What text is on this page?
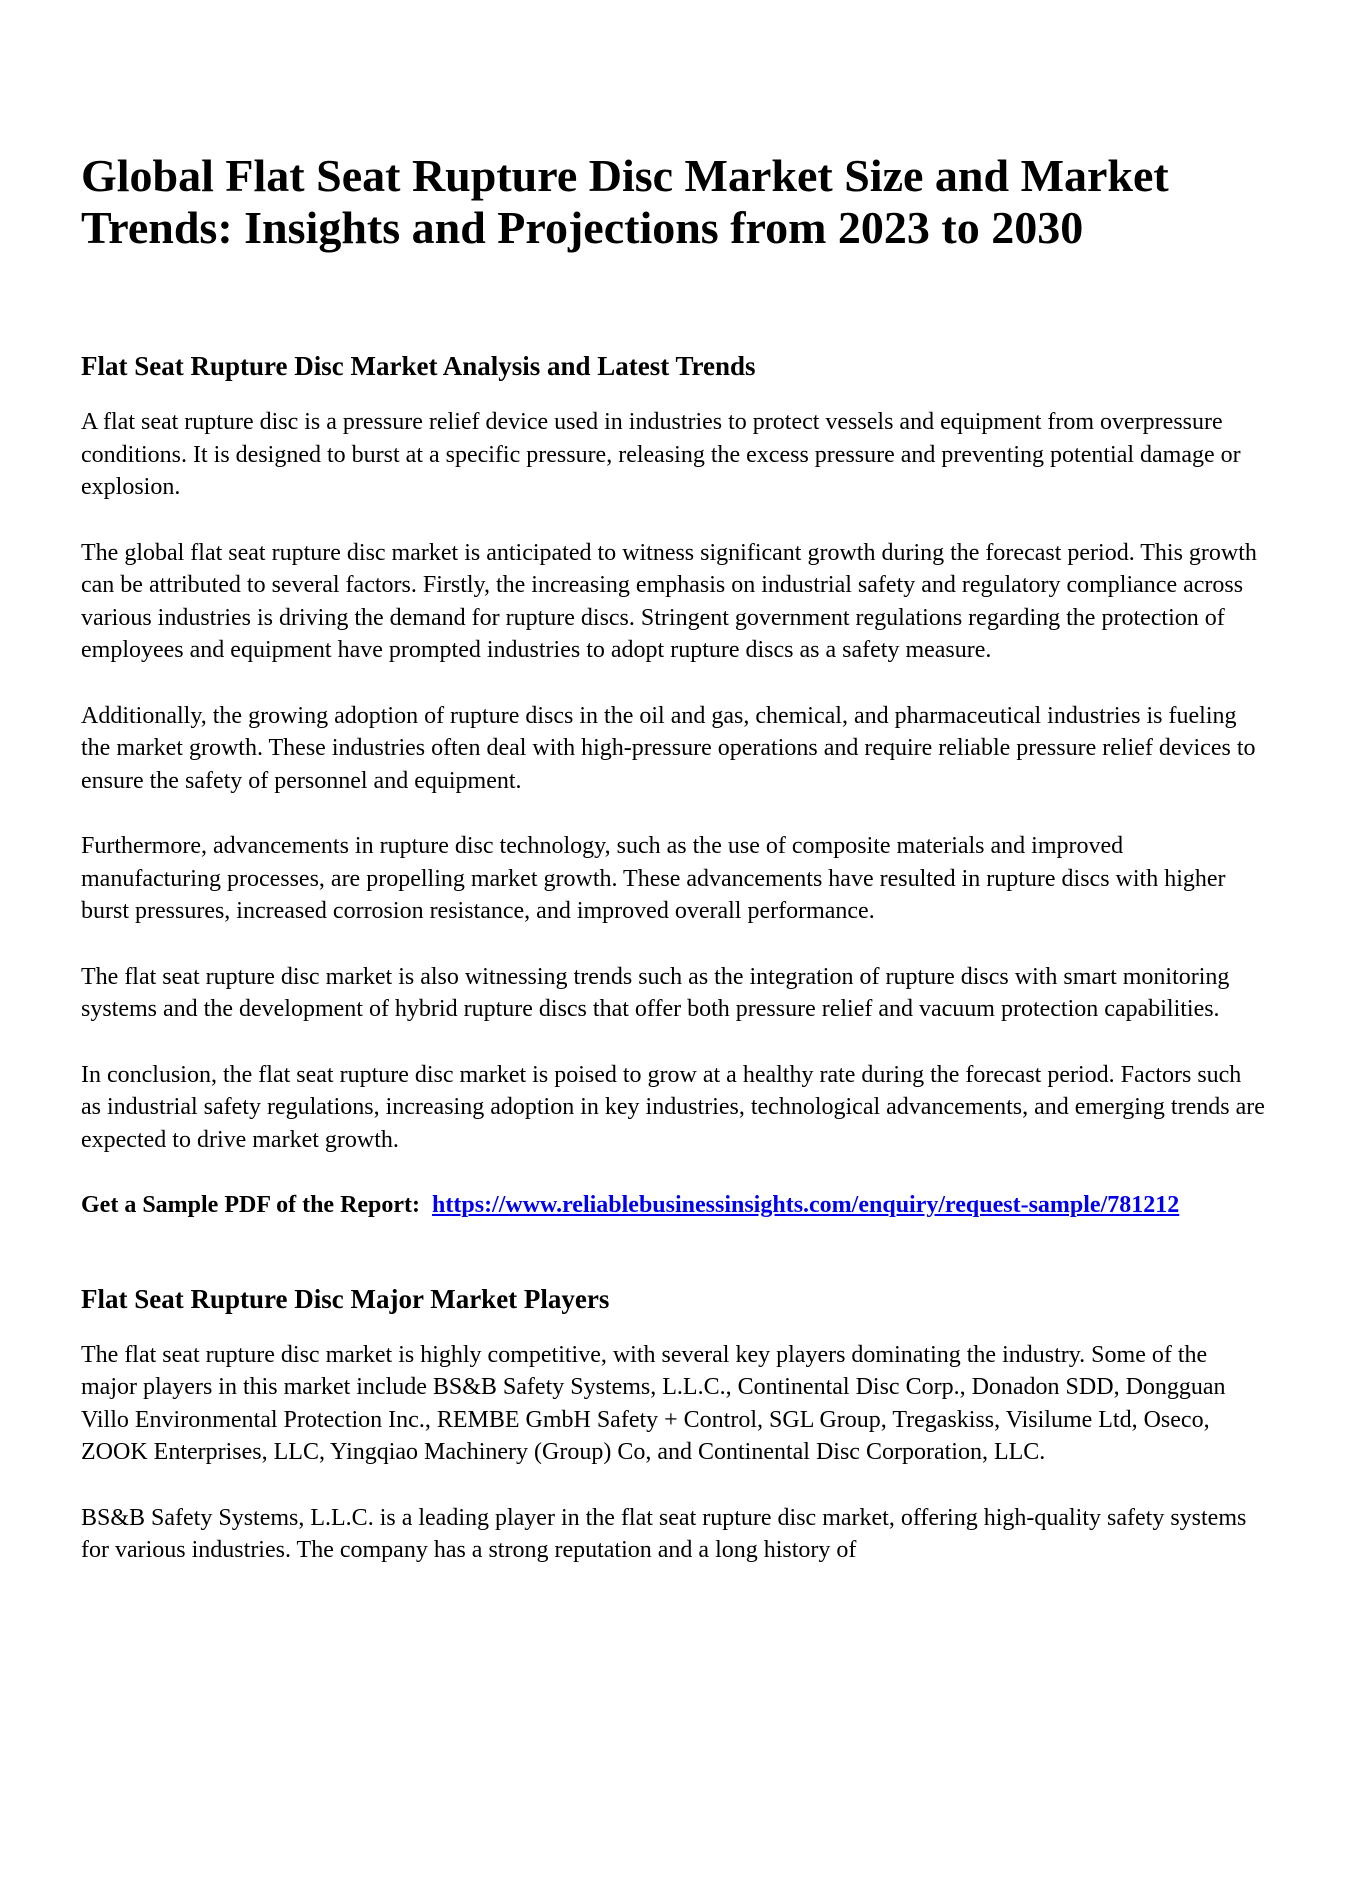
Global Flat Seat Rupture Disc Market Size and Market Trends: Insights and Projections from 2023 to 2030
Flat Seat Rupture Disc Market Analysis and Latest Trends

A flat seat rupture disc is a pressure relief device used in industries to protect vessels and equipment from overpressure conditions. It is designed to burst at a specific pressure, releasing the excess pressure and preventing potential damage or explosion.

The global flat seat rupture disc market is anticipated to witness significant growth during the forecast period. This growth can be attributed to several factors. Firstly, the increasing emphasis on industrial safety and regulatory compliance across various industries is driving the demand for rupture discs. Stringent government regulations regarding the protection of employees and equipment have prompted industries to adopt rupture discs as a safety measure.

Additionally, the growing adoption of rupture discs in the oil and gas, chemical, and pharmaceutical industries is fueling the market growth. These industries often deal with high-pressure operations and require reliable pressure relief devices to ensure the safety of personnel and equipment.

Furthermore, advancements in rupture disc technology, such as the use of composite materials and improved manufacturing processes, are propelling market growth. These advancements have resulted in rupture discs with higher burst pressures, increased corrosion resistance, and improved overall performance.

The flat seat rupture disc market is also witnessing trends such as the integration of rupture discs with smart monitoring systems and the development of hybrid rupture discs that offer both pressure relief and vacuum protection capabilities.

In conclusion, the flat seat rupture disc market is poised to grow at a healthy rate during the forecast period. Factors such as industrial safety regulations, increasing adoption in key industries, technological advancements, and emerging trends are expected to drive market growth.

Get a Sample PDF of the Report: https://www.reliablebusinessinsights.com/enquiry/request-sample/781212

Flat Seat Rupture Disc Major Market Players

The flat seat rupture disc market is highly competitive, with several key players dominating the industry. Some of the major players in this market include BS&B Safety Systems, L.L.C., Continental Disc Corp., Donadon SDD, Dongguan Villo Environmental Protection Inc., REMBE GmbH Safety + Control, SGL Group, Tregaskiss, Visilume Ltd, Oseco, ZOOK Enterprises, LLC, Yingqiao Machinery (Group) Co, and Continental Disc Corporation, LLC.

BS&B Safety Systems, L.L.C. is a leading player in the flat seat rupture disc market, offering high-quality safety systems for various industries. The company has a strong reputation and a long history of
